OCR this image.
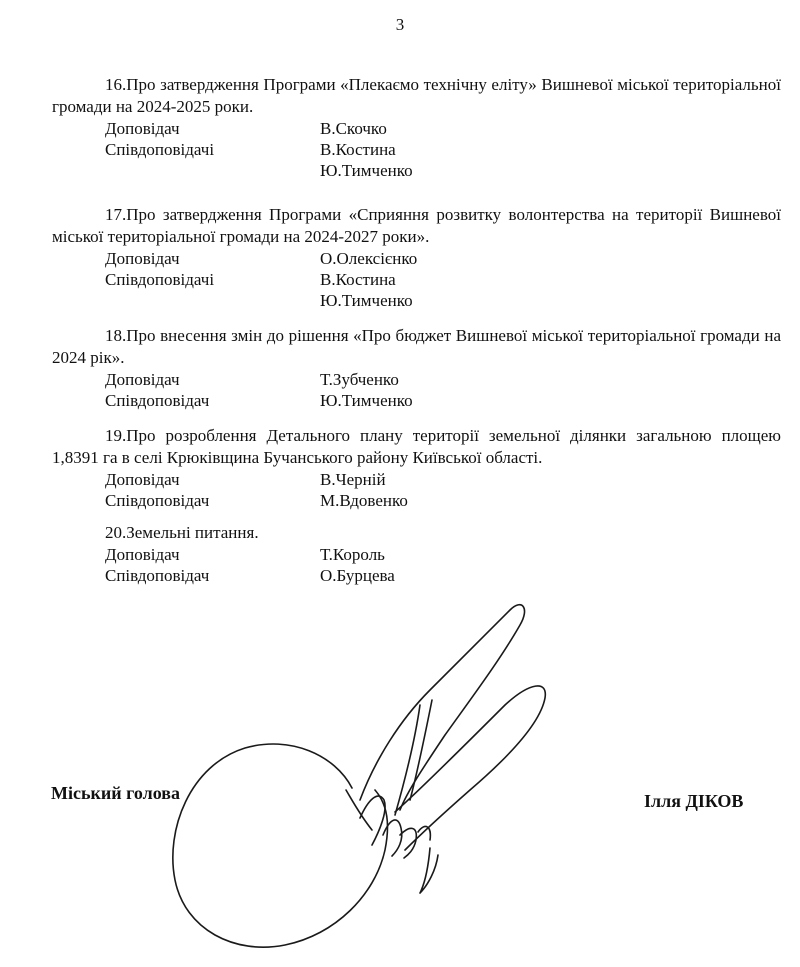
3

16.Про затвердження Програми «Плекаємо технічну еліту» Вишневої міської територіальної громади на 2024-2025 роки.

Доповідач	В.Скочко
Співдоповідачі	В.Костина
Ю.Тимченко

17.Про затвердження Програми «Сприяння розвитку волонтерства на території Вишневої міської територіальної громади на 2024-2027 роки».

Доповідач	О.Олексієнко
Співдоповідачі	В.Костина
Ю.Тимченко

18.Про внесення змін до рішення «Про бюджет Вишневої міської територіальної громади на 2024 рік».

Доповідач	Т.Зубченко
Співдоповідач	Ю.Тимченко

19.Про розроблення Детального плану території земельної ділянки загальною площею 1,8391 га в селі Крюківщина Бучанського району Київської області.

Доповідач	В.Черній
Співдоповідач	М.Вдовенко

20.Земельні питання.

Доповідач	Т.Король
Співдоповідач	О.Бурцева
Міський голова	Ілля ДІКОВ
